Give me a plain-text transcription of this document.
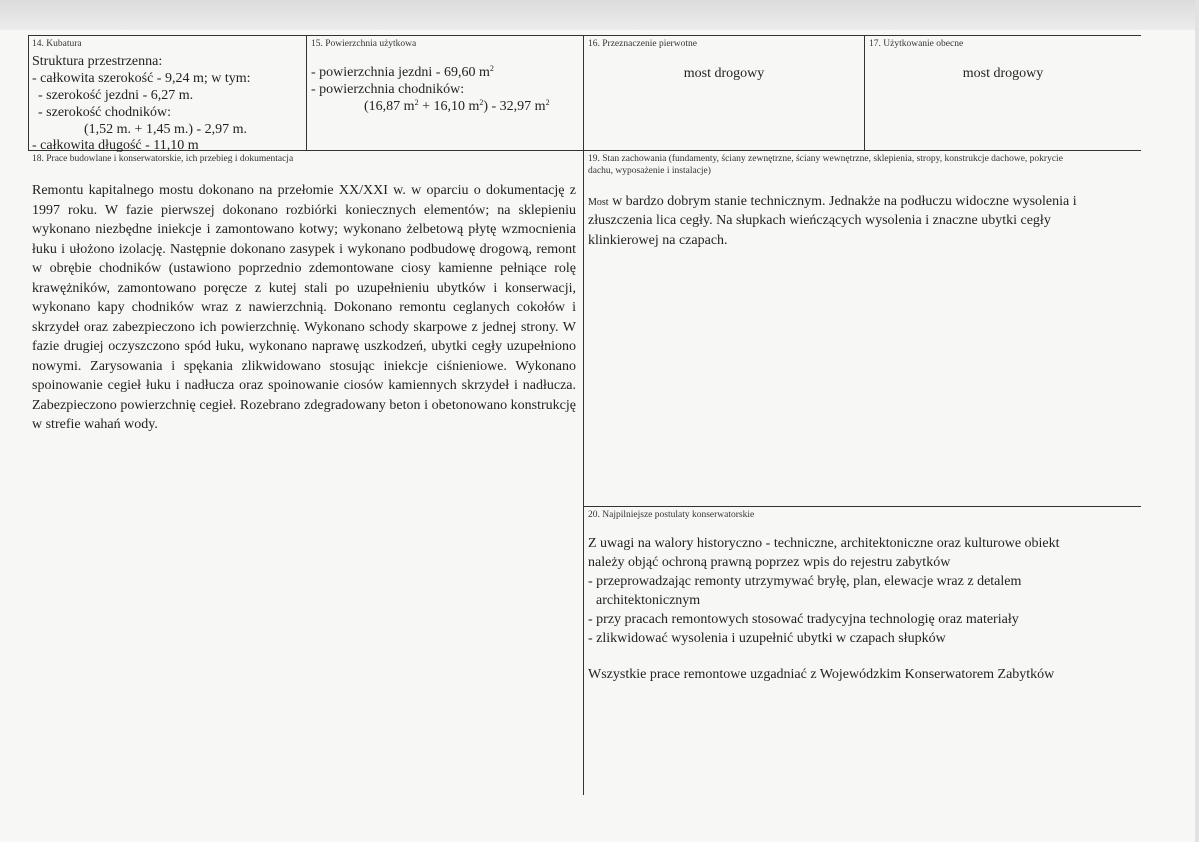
14. Kubatura
Struktura przestrzenna:
- całkowita szerokość - 9,24 m; w tym:
- szerokość jezdni - 6,27 m.
- szerokość chodników:
(1,52 m. + 1,45 m.) - 2,97 m.
- całkowita długość - 11,10 m
15. Powierzchnia użytkowa
- powierzchnia jezdni - 69,60 $m^2$
- powierzchnia chodników:
(16,87 $m^2 + 16,10$ $m^2) - 32,97$ $m^2$
16. Przeznaczenie pierwotne
most drogowy
17. Użytkowanie obecne
most drogowy
18. Prace budowlane i konserwatorskie, ich przebieg i dokumentacja
Remontu kapitalnego mostu dokonano na przełomie XX/XXI w. w oparciu o dokumentację z 1997 roku. W fazie pierwszej dokonano rozbiórki koniecznych elementów; na sklepieniu wykonano niezbędne iniekcje i zamontowano kotwy; wykonano żelbetową płytę wzmocnienia łuku i ułożono izolację. Następnie dokonano zasypek i wykonano podbudowę drogową, remont w obrębie chodników (ustawiono poprzednio zdemontowane ciosy kamienne pełniące rolę krawężników, zamontowano poręcze z kutej stali po uzupełnieniu ubytków i konserwacji, wykonano kapy chodników wraz z nawierzchnią. Dokonano remontu ceglanych cokołów i skrzydeł oraz zabezpieczono ich powierzchnię. Wykonano schody skarpowe z jednej strony. W fazie drugiej oczyszczono spód łuku, wykonano naprawę uszkodzeń, ubytki cegły uzupełniono nowymi. Zarysowania i spękania zlikwidowano stosując iniekcje ciśnieniowe. Wykonano spoinowanie cegieł łuku i nadłucza oraz spoinowanie ciosów kamiennych skrzydeł i nadłucza. Zabezpieczono powierzchnię cegieł. Rozebrano zdegradowany beton i obetonowano konstrukcję w strefie wahań wody.
19. Stan zachowania (fundamenty, ściany zewnętrzne, ściany wewnętrzne, sklepienia, stropy, konstrukcje dachowe, pokrycie
dachu, wyposażenie i instalacje)
Most w bardzo dobrym stanie technicznym. Jednakże na podłuczu widoczne wysolenia i
złuszczenia lica cegły. Na słupkach wieńczących wysolenia i znaczne ubytki cegły
klinkierowej na czapach.
20. Najpilniejsze postulaty konserwatorskie
Z uwagi na walory historyczno - techniczne, architektoniczne oraz kulturowe obiekt
należy objąć ochroną prawną poprzez wpis do rejestru zabytków
- przeprowadzając remonty utrzymywać bryłę, plan, elewacje wraz z detalem
architektonicznym
- przy pracach remontowych stosować tradycyjna technologię oraz materiały
- zlikwidować wysolenia i uzupełnić ubytki w czapach słupków
Wszystkie prace remontowe uzgadniać z Wojewódzkim Konserwatorem Zabytków
